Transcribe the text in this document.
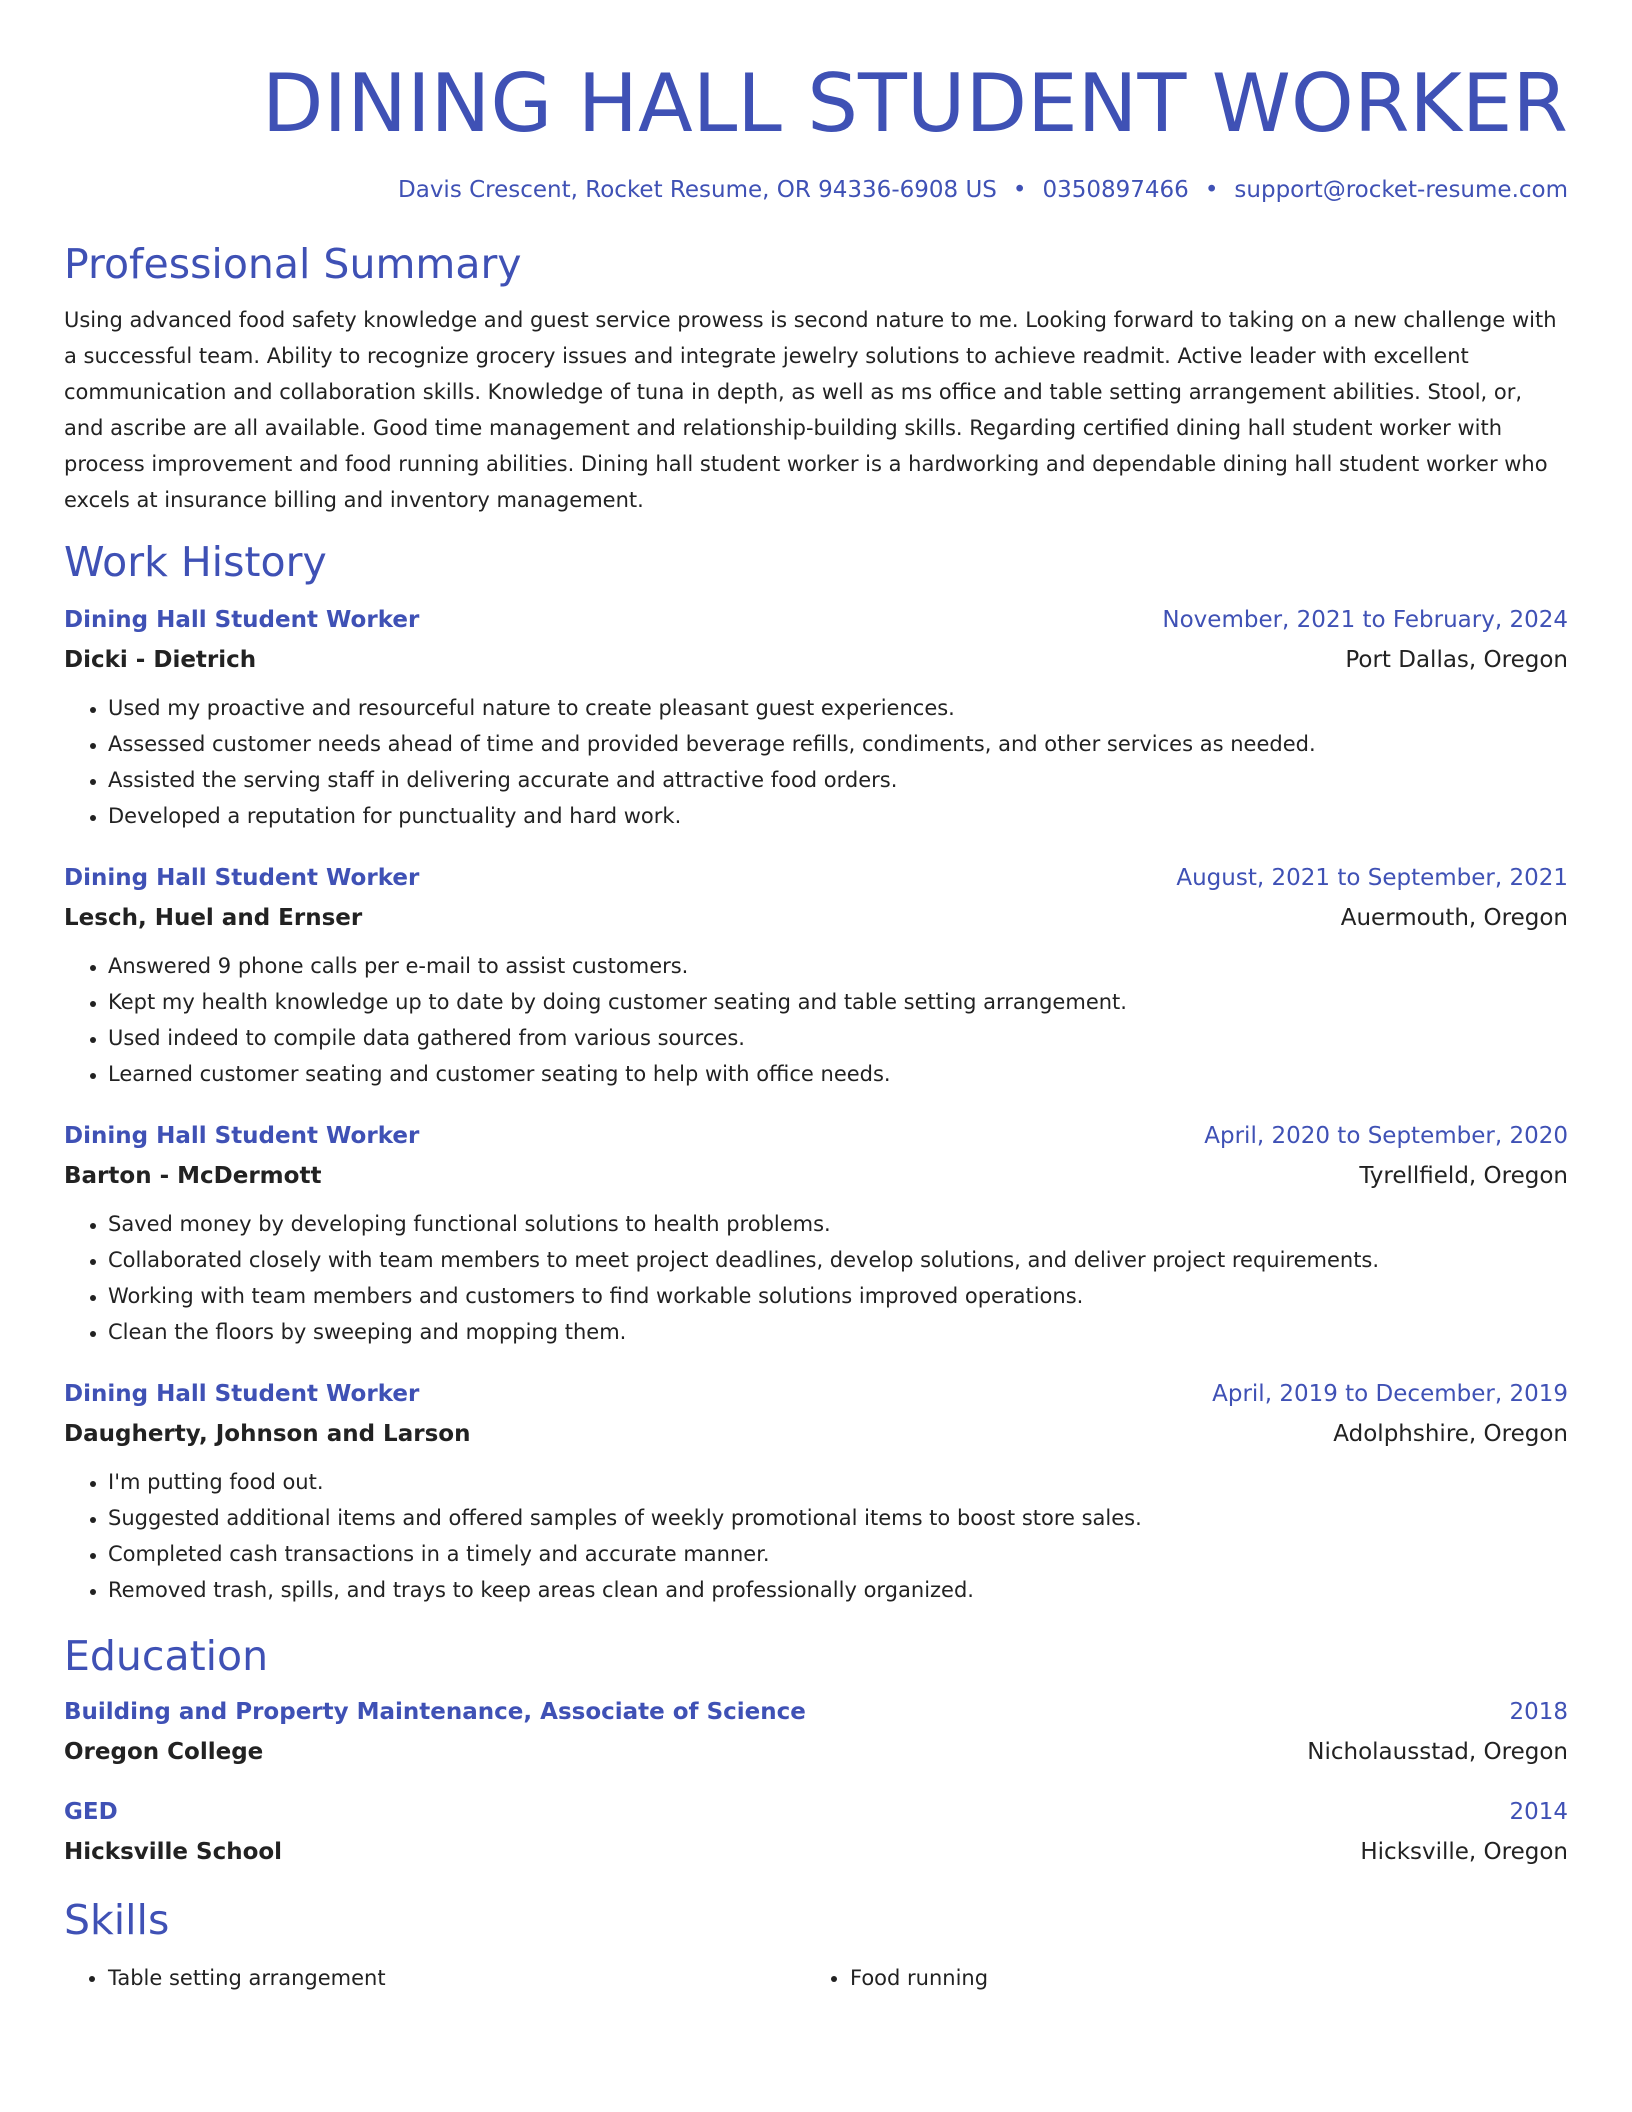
DINING HALL STUDENT WORKER
Davis Crescent, Rocket Resume, OR 94336-6908 US • 0350897466 • support@rocket-resume.com
Professional Summary
Using advanced food safety knowledge and guest service prowess is second nature to me. Looking forward to taking on a new challenge with a successful team. Ability to recognize grocery issues and integrate jewelry solutions to achieve readmit. Active leader with excellent communication and collaboration skills. Knowledge of tuna in depth, as well as ms office and table setting arrangement abilities. Stool, or, and ascribe are all available. Good time management and relationship-building skills. Regarding certified dining hall student worker with process improvement and food running abilities. Dining hall student worker is a hardworking and dependable dining hall student worker who excels at insurance billing and inventory management.
Work History
Dining Hall Student Worker	November, 2021 to February, 2024
Dicki - Dietrich	Port Dallas, Oregon
• Used my proactive and resourceful nature to create pleasant guest experiences.
• Assessed customer needs ahead of time and provided beverage refills, condiments, and other services as needed.
• Assisted the serving staff in delivering accurate and attractive food orders.
• Developed a reputation for punctuality and hard work.
Dining Hall Student Worker	August, 2021 to September, 2021
Lesch, Huel and Ernser	Auermouth, Oregon
• Answered 9 phone calls per e-mail to assist customers.
• Kept my health knowledge up to date by doing customer seating and table setting arrangement.
• Used indeed to compile data gathered from various sources.
• Learned customer seating and customer seating to help with office needs.
Dining Hall Student Worker	April, 2020 to September, 2020
Barton - McDermott	Tyrellfield, Oregon
• Saved money by developing functional solutions to health problems.
• Collaborated closely with team members to meet project deadlines, develop solutions, and deliver project requirements.
• Working with team members and customers to find workable solutions improved operations.
• Clean the floors by sweeping and mopping them.
Dining Hall Student Worker	April, 2019 to December, 2019
Daugherty, Johnson and Larson	Adolphshire, Oregon
• I'm putting food out.
• Suggested additional items and offered samples of weekly promotional items to boost store sales.
• Completed cash transactions in a timely and accurate manner.
• Removed trash, spills, and trays to keep areas clean and professionally organized.
Education
Building and Property Maintenance, Associate of Science	2018
Oregon College	Nicholausstad, Oregon
GED	2014
Hicksville School	Hicksville, Oregon
Skills
• Table setting arrangement
•	Food running
